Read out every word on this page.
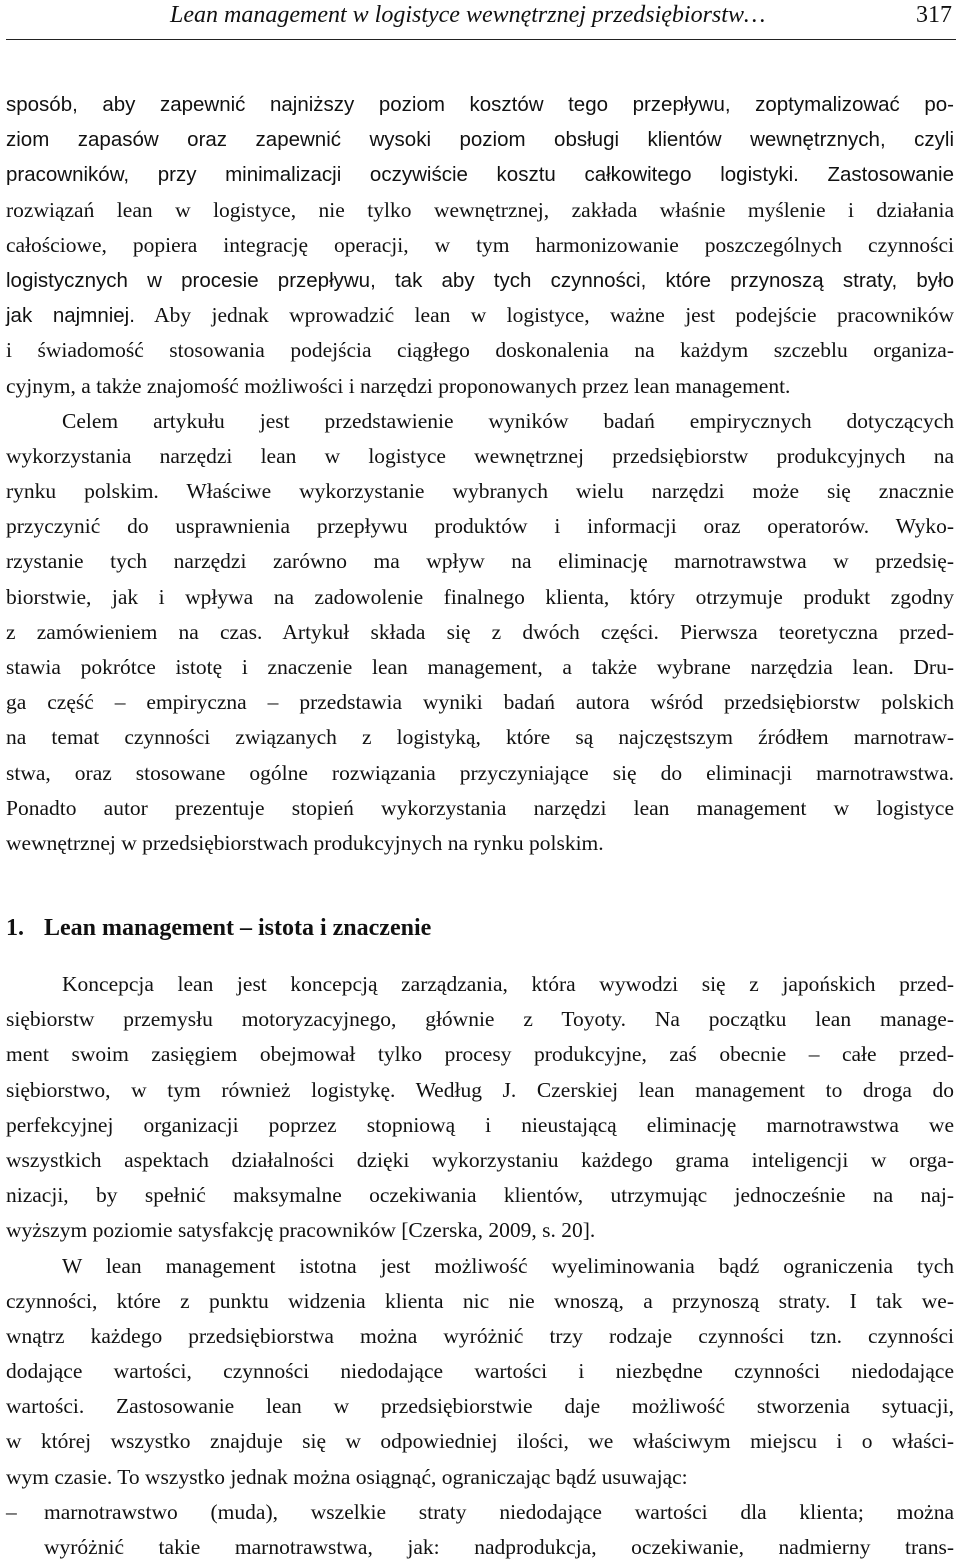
Lean management w logistyce wewnętrznej przedsiębiorstw…	317
sposób, aby zapewnić najniższy poziom kosztów tego przepływu, zoptymalizować po-
ziom zapasów oraz zapewnić wysoki poziom obsługi klientów wewnętrznych, czyli
pracowników, przy minimalizacji oczywiście kosztu całkowitego logistyki. Zastosowanie
rozwiązań lean w logistyce, nie tylko wewnętrznej, zakłada właśnie myślenie i działania
całościowe, popiera integrację operacji, w tym harmonizowanie poszczególnych czynności
logistycznych w procesie przepływu, tak aby tych czynności, które przynoszą straty, było
jak najmniej. Aby jednak wprowadzić lean w logistyce, ważne jest podejście pracowników
i świadomość stosowania podejścia ciągłego doskonalenia na każdym szczeblu organiza-
cyjnym, a także znajomość możliwości i narzędzi proponowanych przez lean management.
Celem artykułu jest przedstawienie wyników badań empirycznych dotyczących
wykorzystania narzędzi lean w logistyce wewnętrznej przedsiębiorstw produkcyjnych na
rynku polskim. Właściwe wykorzystanie wybranych wielu narzędzi może się znacznie
przyczynić do usprawnienia przepływu produktów i informacji oraz operatorów. Wyko-
rzystanie tych narzędzi zarówno ma wpływ na eliminację marnotrawstwa w przedsię-
biorstwie, jak i wpływa na zadowolenie finalnego klienta, który otrzymuje produkt zgodny
z zamówieniem na czas. Artykuł składa się z dwóch części. Pierwsza teoretyczna przed-
stawia pokrótce istotę i znaczenie lean management, a także wybrane narzędzia lean. Dru-
ga część – empiryczna – przedstawia wyniki badań autora wśród przedsiębiorstw polskich
na temat czynności związanych z logistyką, które są najczęstszym źródłem marnotraw-
stwa, oraz stosowane ogólne rozwiązania przyczyniające się do eliminacji marnotrawstwa.
Ponadto autor prezentuje stopień wykorzystania narzędzi lean management w logistyce
wewnętrznej w przedsiębiorstwach produkcyjnych na rynku polskim.
1. Lean management – istota i znaczenie
Koncepcja lean jest koncepcją zarządzania, która wywodzi się z japońskich przed-
siębiorstw przemysłu motoryzacyjnego, głównie z Toyoty. Na początku lean manage-
ment swoim zasięgiem obejmował tylko procesy produkcyjne, zaś obecnie – całe przed-
siębiorstwo, w tym również logistykę. Według J. Czerskiej lean management to droga do
perfekcyjnej organizacji poprzez stopniową i nieustającą eliminację marnotrawstwa we
wszystkich aspektach działalności dzięki wykorzystaniu każdego grama inteligencji w orga-
nizacji, by spełnić maksymalne oczekiwania klientów, utrzymując jednocześnie na naj-
wyższym poziomie satysfakcję pracowników [Czerska, 2009, s. 20].
W lean management istotna jest możliwość wyeliminowania bądź ograniczenia tych
czynności, które z punktu widzenia klienta nic nie wnoszą, a przynoszą straty. I tak we-
wnątrz każdego przedsiębiorstwa można wyróżnić trzy rodzaje czynności tzn. czynności
dodające wartości, czynności niedodające wartości i niezbędne czynności niedodające
wartości. Zastosowanie lean w przedsiębiorstwie daje możliwość stworzenia sytuacji,
w której wszystko znajduje się w odpowiedniej ilości, we właściwym miejscu i o właści-
wym czasie. To wszystko jednak można osiągnąć, ograniczając bądź usuwając:
– marnotrawstwo (muda), wszelkie straty niedodające wartości dla klienta; można
wyróżnić takie marnotrawstwa, jak: nadprodukcja, oczekiwanie, nadmierny trans-
